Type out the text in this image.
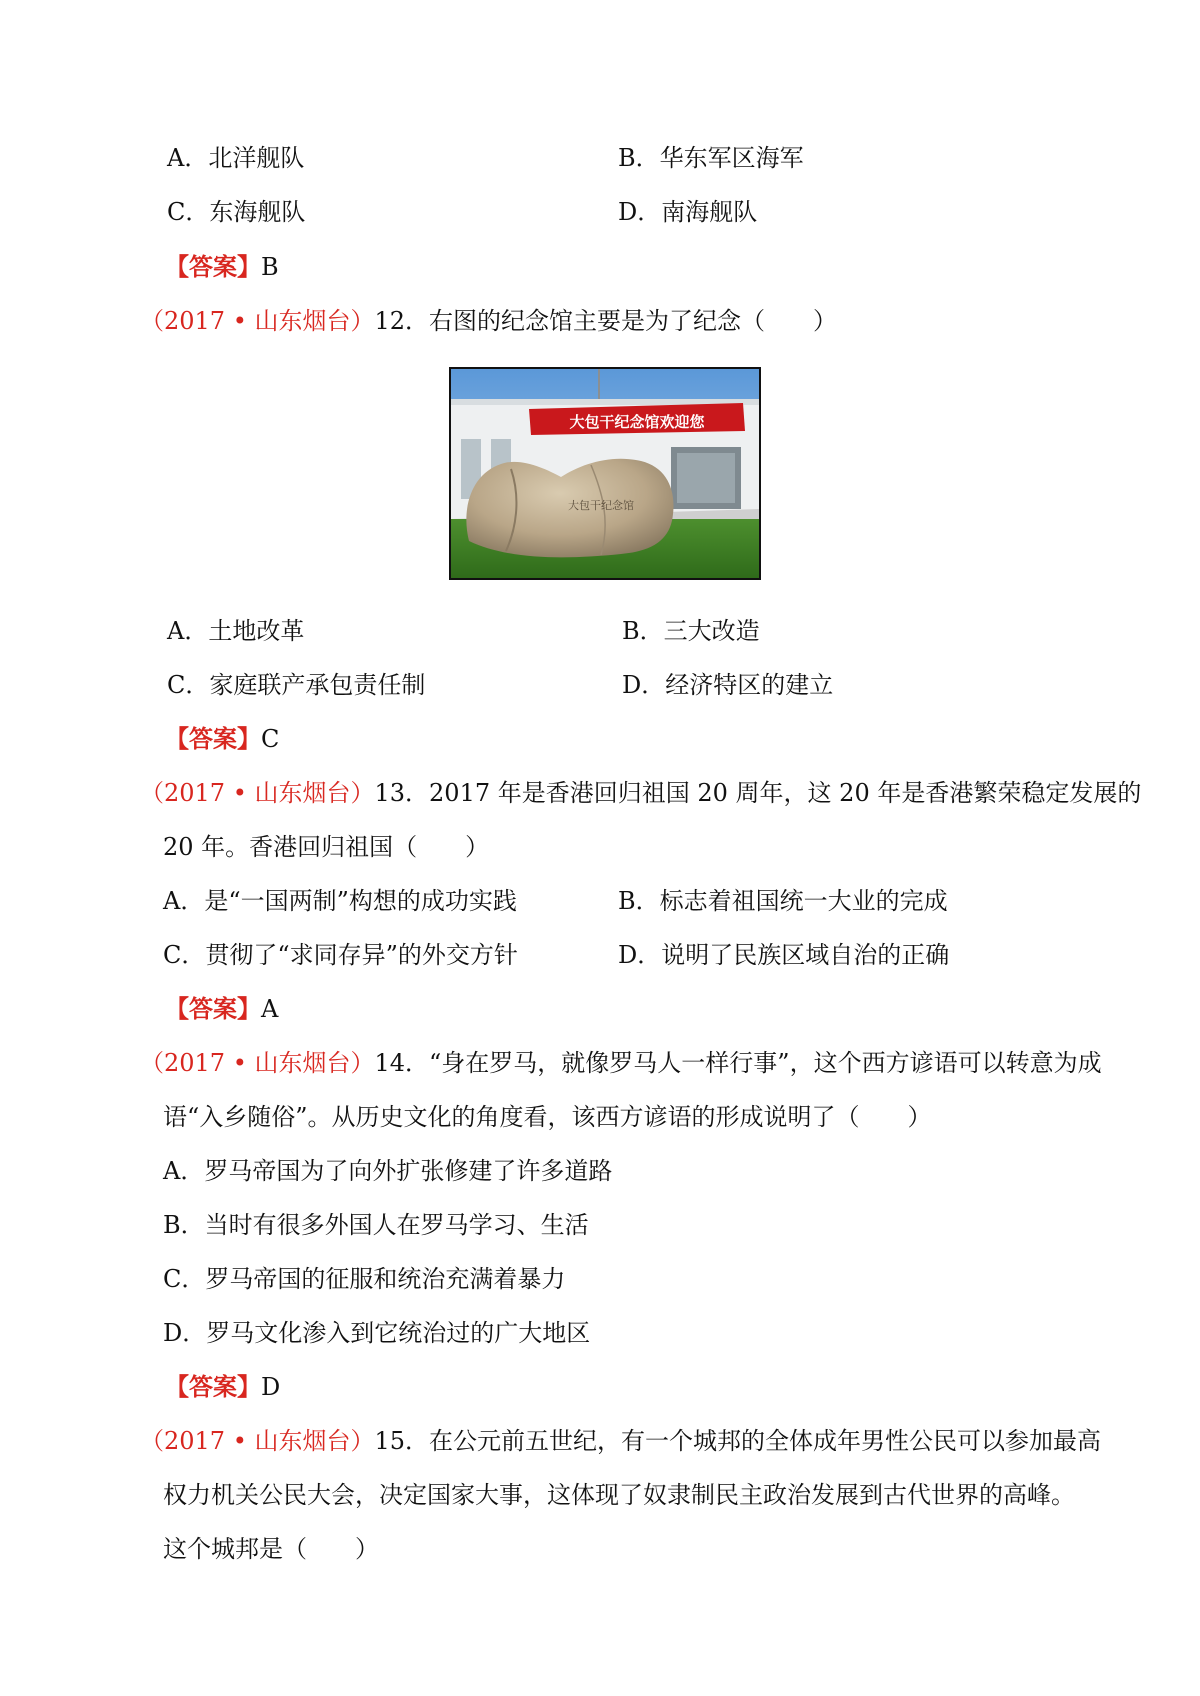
A．北洋舰队	B．华东军区海军
C．东海舰队	D．南海舰队
【答案】B
（2017 • 山东烟台）12．右图的纪念馆主要是为了纪念（　　）
大包干纪念馆欢迎您
大包干纪念馆
A．土地改革	B．三大改造
C．家庭联产承包责任制	D．经济特区的建立
【答案】C
（2017 • 山东烟台）13．2017 年是香港回归祖国 20 周年，这 20 年是香港繁荣稳定发展的
20 年。香港回归祖国（　　）
A．是“一国两制”构想的成功实践	B．标志着祖国统一大业的完成
C．贯彻了“求同存异”的外交方针	D．说明了民族区域自治的正确
【答案】A
（2017 • 山东烟台）14．“身在罗马，就像罗马人一样行事”，这个西方谚语可以转意为成
语“入乡随俗”。从历史文化的角度看，该西方谚语的形成说明了（　　）
A．罗马帝国为了向外扩张修建了许多道路
B．当时有很多外国人在罗马学习、生活
C．罗马帝国的征服和统治充满着暴力
D．罗马文化渗入到它统治过的广大地区
【答案】D
（2017 • 山东烟台）15．在公元前五世纪，有一个城邦的全体成年男性公民可以参加最高
权力机关公民大会，决定国家大事，这体现了奴隶制民主政治发展到古代世界的高峰。
这个城邦是（　　）
